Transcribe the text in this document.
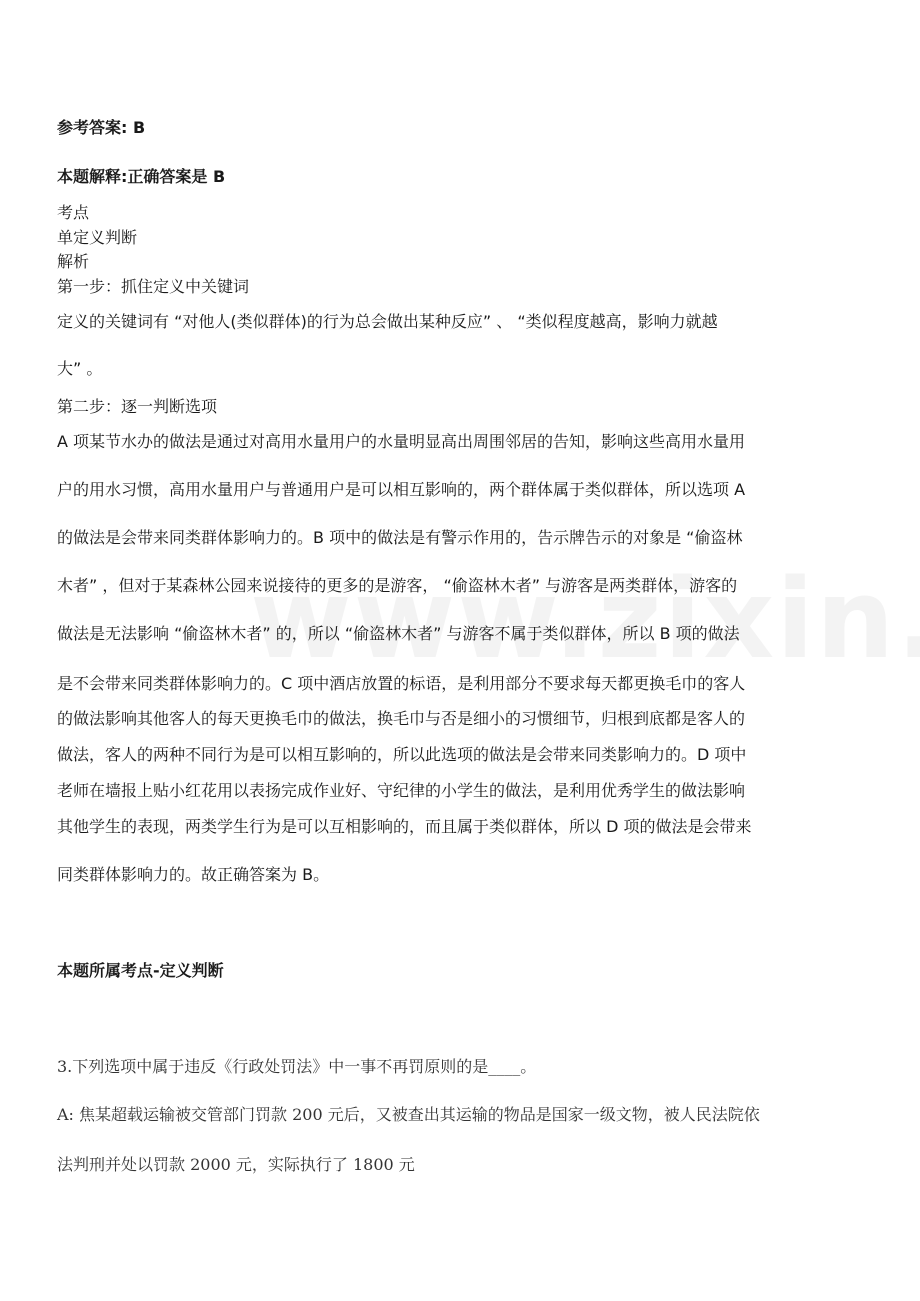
参考答案: B
本题解释:正确答案是 B
考点
单定义判断
解析
第一步：抓住定义中关键词
定义的关键词有 “对他人(类似群体)的行为总会做出某种反应” 、 “类似程度越高，影响力就越
大” 。
第二步：逐一判断选项
A 项某节水办的做法是通过对高用水量用户的水量明显高出周围邻居的告知，影响这些高用水量用
户的用水习惯，高用水量用户与普通用户是可以相互影响的，两个群体属于类似群体，所以选项 A
的做法是会带来同类群体影响力的。B 项中的做法是有警示作用的，告示牌告示的对象是 “偷盗林
木者” ，但对于某森林公园来说接待的更多的是游客， “偷盗林木者” 与游客是两类群体，游客的
做法是无法影响 “偷盗林木者” 的，所以 “偷盗林木者” 与游客不属于类似群体，所以 B 项的做法
是不会带来同类群体影响力的。C 项中酒店放置的标语，是利用部分不要求每天都更换毛巾的客人
的做法影响其他客人的每天更换毛巾的做法，换毛巾与否是细小的习惯细节，归根到底都是客人的
做法，客人的两种不同行为是可以相互影响的，所以此选项的做法是会带来同类影响力的。D 项中
老师在墙报上贴小红花用以表扬完成作业好、守纪律的小学生的做法，是利用优秀学生的做法影响
其他学生的表现，两类学生行为是可以互相影响的，而且属于类似群体，所以 D 项的做法是会带来
同类群体影响力的。故正确答案为 B。
本题所属考点-定义判断
3.下列选项中属于违反《行政处罚法》中一事不再罚原则的是____。
A: 焦某超载运输被交管部门罚款 200 元后，又被查出其运输的物品是国家一级文物，被人民法院依
法判刑并处以罚款 2000 元，实际执行了 1800 元
